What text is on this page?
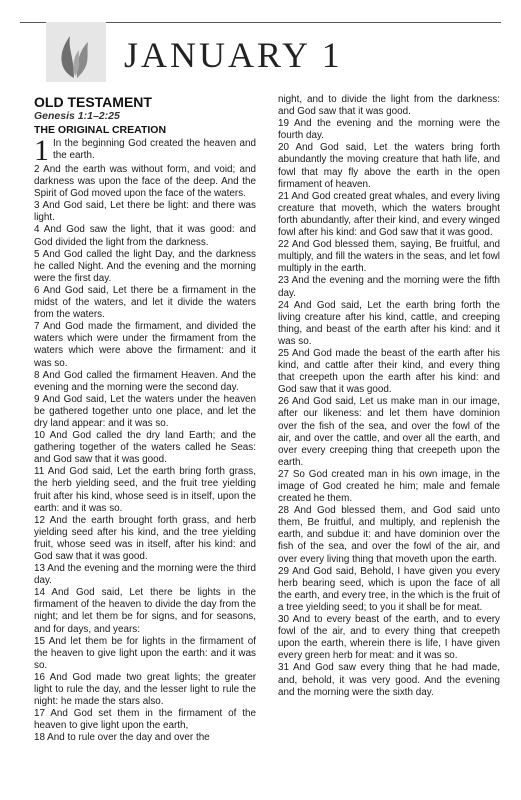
JANUARY 1
OLD TESTAMENT
Genesis 1:1–2:25
THE ORIGINAL CREATION
1 In the beginning God created the heaven and the earth.

2 And the earth was without form, and void; and darkness was upon the face of the deep. And the Spirit of God moved upon the face of the waters.

3 And God said, Let there be light: and there was light.

4 And God saw the light, that it was good: and God divided the light from the darkness.

5 And God called the light Day, and the darkness he called Night. And the evening and the morning were the first day.

6 And God said, Let there be a firmament in the midst of the waters, and let it divide the waters from the waters.

7 And God made the firmament, and divided the waters which were under the firmament from the waters which were above the firmament: and it was so.

8 And God called the firmament Heaven. And the evening and the morning were the second day.

9 And God said, Let the waters under the heaven be gathered together unto one place, and let the dry land appear: and it was so.

10 And God called the dry land Earth; and the gathering together of the waters called he Seas: and God saw that it was good.

11 And God said, Let the earth bring forth grass, the herb yielding seed, and the fruit tree yielding fruit after his kind, whose seed is in itself, upon the earth: and it was so.

12 And the earth brought forth grass, and herb yielding seed after his kind, and the tree yielding fruit, whose seed was in itself, after his kind: and God saw that it was good.

13 And the evening and the morning were the third day.

14 And God said, Let there be lights in the firmament of the heaven to divide the day from the night; and let them be for signs, and for seasons, and for days, and years:

15 And let them be for lights in the firmament of the heaven to give light upon the earth: and it was so.

16 And God made two great lights; the greater light to rule the day, and the lesser light to rule the night: he made the stars also.

17 And God set them in the firmament of the heaven to give light upon the earth,

18 And to rule over the day and over the

night, and to divide the light from the darkness: and God saw that it was good.

19 And the evening and the morning were the fourth day.

20 And God said, Let the waters bring forth abundantly the moving creature that hath life, and fowl that may fly above the earth in the open firmament of heaven.

21 And God created great whales, and every living creature that moveth, which the waters brought forth abundantly, after their kind, and every winged fowl after his kind: and God saw that it was good.

22 And God blessed them, saying, Be fruitful, and multiply, and fill the waters in the seas, and let fowl multiply in the earth.

23 And the evening and the morning were the fifth day.

24 And God said, Let the earth bring forth the living creature after his kind, cattle, and creeping thing, and beast of the earth after his kind: and it was so.

25 And God made the beast of the earth after his kind, and cattle after their kind, and every thing that creepeth upon the earth after his kind: and God saw that it was good.

26 And God said, Let us make man in our image, after our likeness: and let them have dominion over the fish of the sea, and over the fowl of the air, and over the cattle, and over all the earth, and over every creeping thing that creepeth upon the earth.

27 So God created man in his own image, in the image of God created he him; male and female created he them.

28 And God blessed them, and God said unto them, Be fruitful, and multiply, and replenish the earth, and subdue it: and have dominion over the fish of the sea, and over the fowl of the air, and over every living thing that moveth upon the earth.

29 And God said, Behold, I have given you every herb bearing seed, which is upon the face of all the earth, and every tree, in the which is the fruit of a tree yielding seed; to you it shall be for meat.

30 And to every beast of the earth, and to every fowl of the air, and to every thing that creepeth upon the earth, wherein there is life, I have given every green herb for meat: and it was so.

31 And God saw every thing that he had made, and, behold, it was very good. And the evening and the morning were the sixth day.
